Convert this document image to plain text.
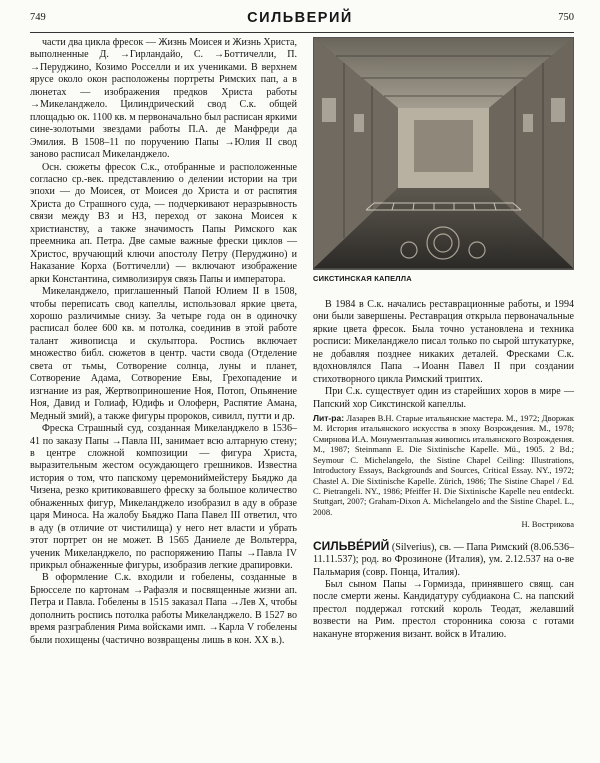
749	СИЛЬВЕРИЙ	750

части два цикла фресок — Жизнь Моисея и Жизнь Христа, выполненные Д. →Гирландайо, С. →Боттичелли, П. →Перуджино, Козимо Росселли и их учениками. В верхнем ярусе около окон расположены портреты Римских пап, а в люнетах — изображения предков Христа работы →Микеланджело. Цилиндрический свод С.к. общей площадью ок. 1100 кв. м первоначально был расписан яркими сине-золотыми звездами работы П.А. де Манфреди да Эмилия. В 1508–11 по поручению Папы →Юлия II свод заново расписал Микеланджело.

Осн. сюжеты фресок С.к., отобранные и расположенные согласно ср.-век. представлению о делении истории на три эпохи — до Моисея, от Моисея до Христа и от распятия Христа до Страшного суда, — подчеркивают неразрывность связи между ВЗ и НЗ, переход от закона Моисея к христианству, а также значимость Папы Римского как преемника ап. Петра. Две самые важные фрески циклов — Христос, вручающий ключи апостолу Петру (Перуджино) и Наказание Корха (Боттичелли) — включают изображение арки Константина, символизируя связь Папы и императора.

Микеланджело, приглашенный Папой Юлием II в 1508, чтобы переписать свод капеллы, использовал яркие цвета, хорошо различимые снизу. За четыре года он в одиночку расписал более 600 кв. м потолка, соединив в этой работе талант живописца и скульптора. Роспись включает множество библ. сюжетов в центр. части свода (Отделение света от тьмы, Сотворение солнца, луны и планет, Сотворение Адама, Сотворение Евы, Грехопадение и изгнание из рая, Жертвоприношение Ноя, Потоп, Опьянение Ноя, Давид и Голиаф, Юдифь и Олоферн, Распятие Амана, Медный змий), а также фигуры пророков, сивилл, путти и др.

Фреска Страшный суд, созданная Микеланджело в 1536–41 по заказу Папы →Павла III, занимает всю алтарную стену; в центре сложной композиции — фигура Христа, выразительным жестом осуждающего грешников. Известна история о том, что папскому церемониймейстеру Бьяджо да Чизена, резко критиковавшего фреску за большое количество обнаженных фигур, Микеланджело изобразил в аду в образе царя Миноса. На жалобу Бьяджо Папа Павел III ответил, что в аду (в отличие от чистилища) у него нет власти и убрать этот портрет он не может. В 1565 Даниеле де Вольтерра, ученик Микеланджело, по распоряжению Папы →Павла IV прикрыл обнаженные фигуры, изобразив легкие драпировки.

В оформление С.к. входили и гобелены, созданные в Брюсселе по картонам →Рафаэля и посвященные жизни ап. Петра и Павла. Гобелены в 1515 заказал Папа →Лев X, чтобы дополнить роспись потолка работы Микеланджело. В 1527 во время разграбления Рима войсками имп. →Карла V гобелены были похищены (частично возвращены лишь в кон. XX в.).

СИКСТИНСКАЯ КАПЕЛЛА

В 1984 в С.к. начались реставрационные работы, и 1994 они были завершены. Реставрация открыла первоначальные яркие цвета фресок. Была точно установлена и техника росписи: Микеланджело писал только по сырой штукатурке, не добавляя позднее никаких деталей. Фресками С.к. вдохновлялся Папа →Иоанн Павел II при создании стихотворного цикла Римский триптих.

При С.к. существует один из старейших хоров в мире — Папский хор Сикстинской капеллы.

Лит-ра: Лазарев В.Н. Старые итальянские мастера. М., 1972; Дворжак М. История итальянского искусства в эпоху Возрождения. М., 1978; Смирнова И.А. Монументальная живопись итальянского Возрождения. М., 1987; Steinmann E. Die Sixtinische Kapelle. Mü., 1905. 2 Bd.; Seymour C. Michelangelo, the Sistine Chapel Ceiling: Illustrations, Introductory Essays, Backgrounds and Sources, Critical Essay. NY., 1972; Chastel A. Die Sixtinische Kapelle. Zürich, 1986; The Sistine Chapel / Ed. C. Pietrangeli. NY., 1986; Pfeiffer H. Die Sixtinische Kapelle neu entdeckt. Stuttgart, 2007; Graham-Dixon A. Michelangelo and the Sistine Chapel. L., 2008.
Н. Вострикова

СИЛЬВЕ́РИЙ (Silverius), св. — Папа Римский (8.06.536–11.11.537); род. во Фрозиноне (Италия), ум. 2.12.537 на о-ве Пальмария (совр. Понца, Италия).

Был сыном Папы →Гормизда, принявшего свящ. сан после смерти жены. Кандидатуру субдиакона С. на папский престол поддержал готский король Теодат, желавший возвести на Рим. престол сторонника союза с готами накануне вторжения визант. войск в Италию.
